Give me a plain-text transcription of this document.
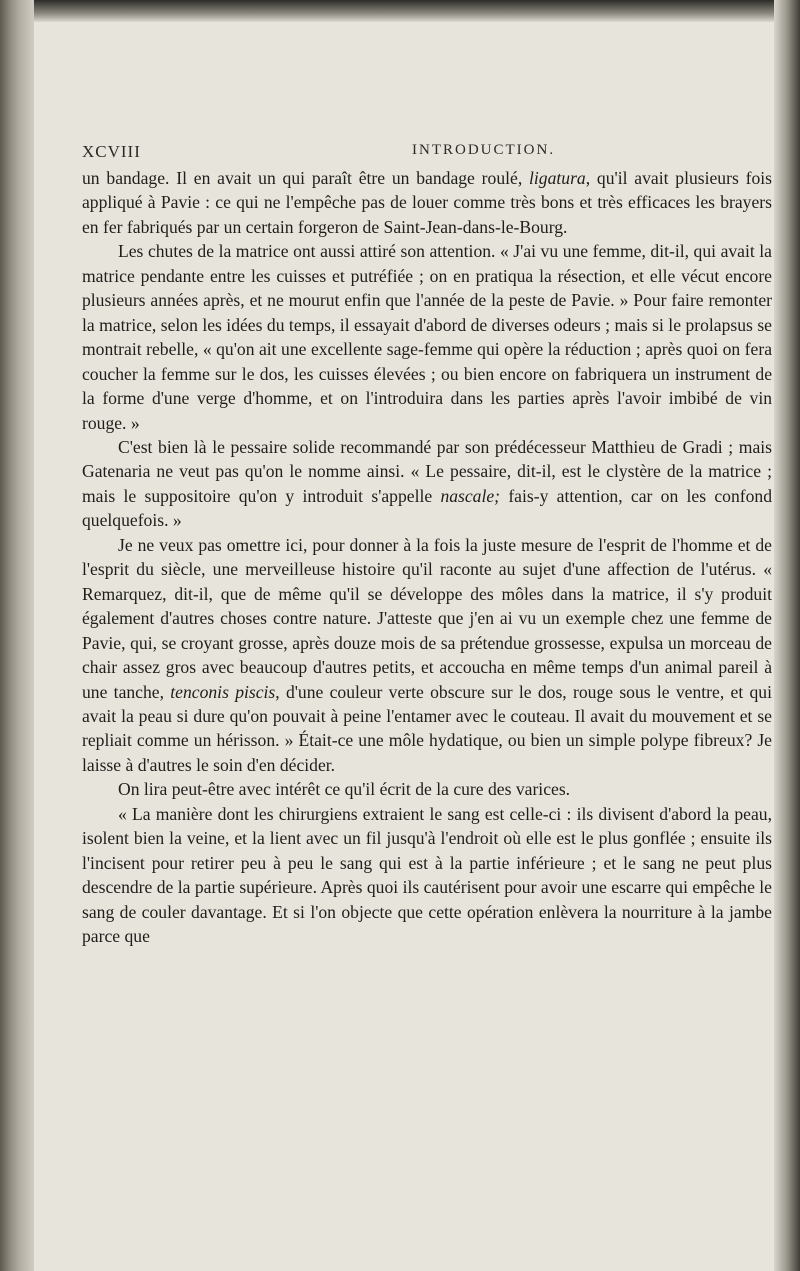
XCVIII	INTRODUCTION.

un bandage. Il en avait un qui paraît être un bandage roulé, ligatura, qu'il avait plusieurs fois appliqué à Pavie : ce qui ne l'empêche pas de louer comme très bons et très efficaces les brayers en fer fabriqués par un certain forgeron de Saint-Jean-dans-le-Bourg.

Les chutes de la matrice ont aussi attiré son attention. « J'ai vu une femme, dit-il, qui avait la matrice pendante entre les cuisses et putréfiée ; on en pratiqua la résection, et elle vécut encore plusieurs années après, et ne mourut enfin que l'année de la peste de Pavie. » Pour faire remonter la matrice, selon les idées du temps, il essayait d'abord de diverses odeurs ; mais si le prolapsus se montrait rebelle, « qu'on ait une excellente sage-femme qui opère la réduction ; après quoi on fera coucher la femme sur le dos, les cuisses élevées ; ou bien encore on fabriquera un instrument de la forme d'une verge d'homme, et on l'introduira dans les parties après l'avoir imbibé de vin rouge. »

C'est bien là le pessaire solide recommandé par son prédécesseur Matthieu de Gradi ; mais Gatenaria ne veut pas qu'on le nomme ainsi. « Le pessaire, dit-il, est le clystère de la matrice ; mais le suppositoire qu'on y introduit s'appelle nascale; fais-y attention, car on les confond quelquefois. »

Je ne veux pas omettre ici, pour donner à la fois la juste mesure de l'esprit de l'homme et de l'esprit du siècle, une merveilleuse histoire qu'il raconte au sujet d'une affection de l'utérus. « Remarquez, dit-il, que de même qu'il se développe des môles dans la matrice, il s'y produit également d'autres choses contre nature. J'atteste que j'en ai vu un exemple chez une femme de Pavie, qui, se croyant grosse, après douze mois de sa prétendue grossesse, expulsa un morceau de chair assez gros avec beaucoup d'autres petits, et accoucha en même temps d'un animal pareil à une tanche, tenconis piscis, d'une couleur verte obscure sur le dos, rouge sous le ventre, et qui avait la peau si dure qu'on pouvait à peine l'entamer avec le couteau. Il avait du mouvement et se repliait comme un hérisson. » Était-ce une môle hydatique, ou bien un simple polype fibreux? Je laisse à d'autres le soin d'en décider.

On lira peut-être avec intérêt ce qu'il écrit de la cure des varices.

« La manière dont les chirurgiens extraient le sang est celle-ci : ils divisent d'abord la peau, isolent bien la veine, et la lient avec un fil jusqu'à l'endroit où elle est le plus gonflée ; ensuite ils l'incisent pour retirer peu à peu le sang qui est à la partie inférieure ; et le sang ne peut plus descendre de la partie supérieure. Après quoi ils cautérisent pour avoir une escarre qui empêche le sang de couler davantage. Et si l'on objecte que cette opération enlèvera la nourriture à la jambe parce que
